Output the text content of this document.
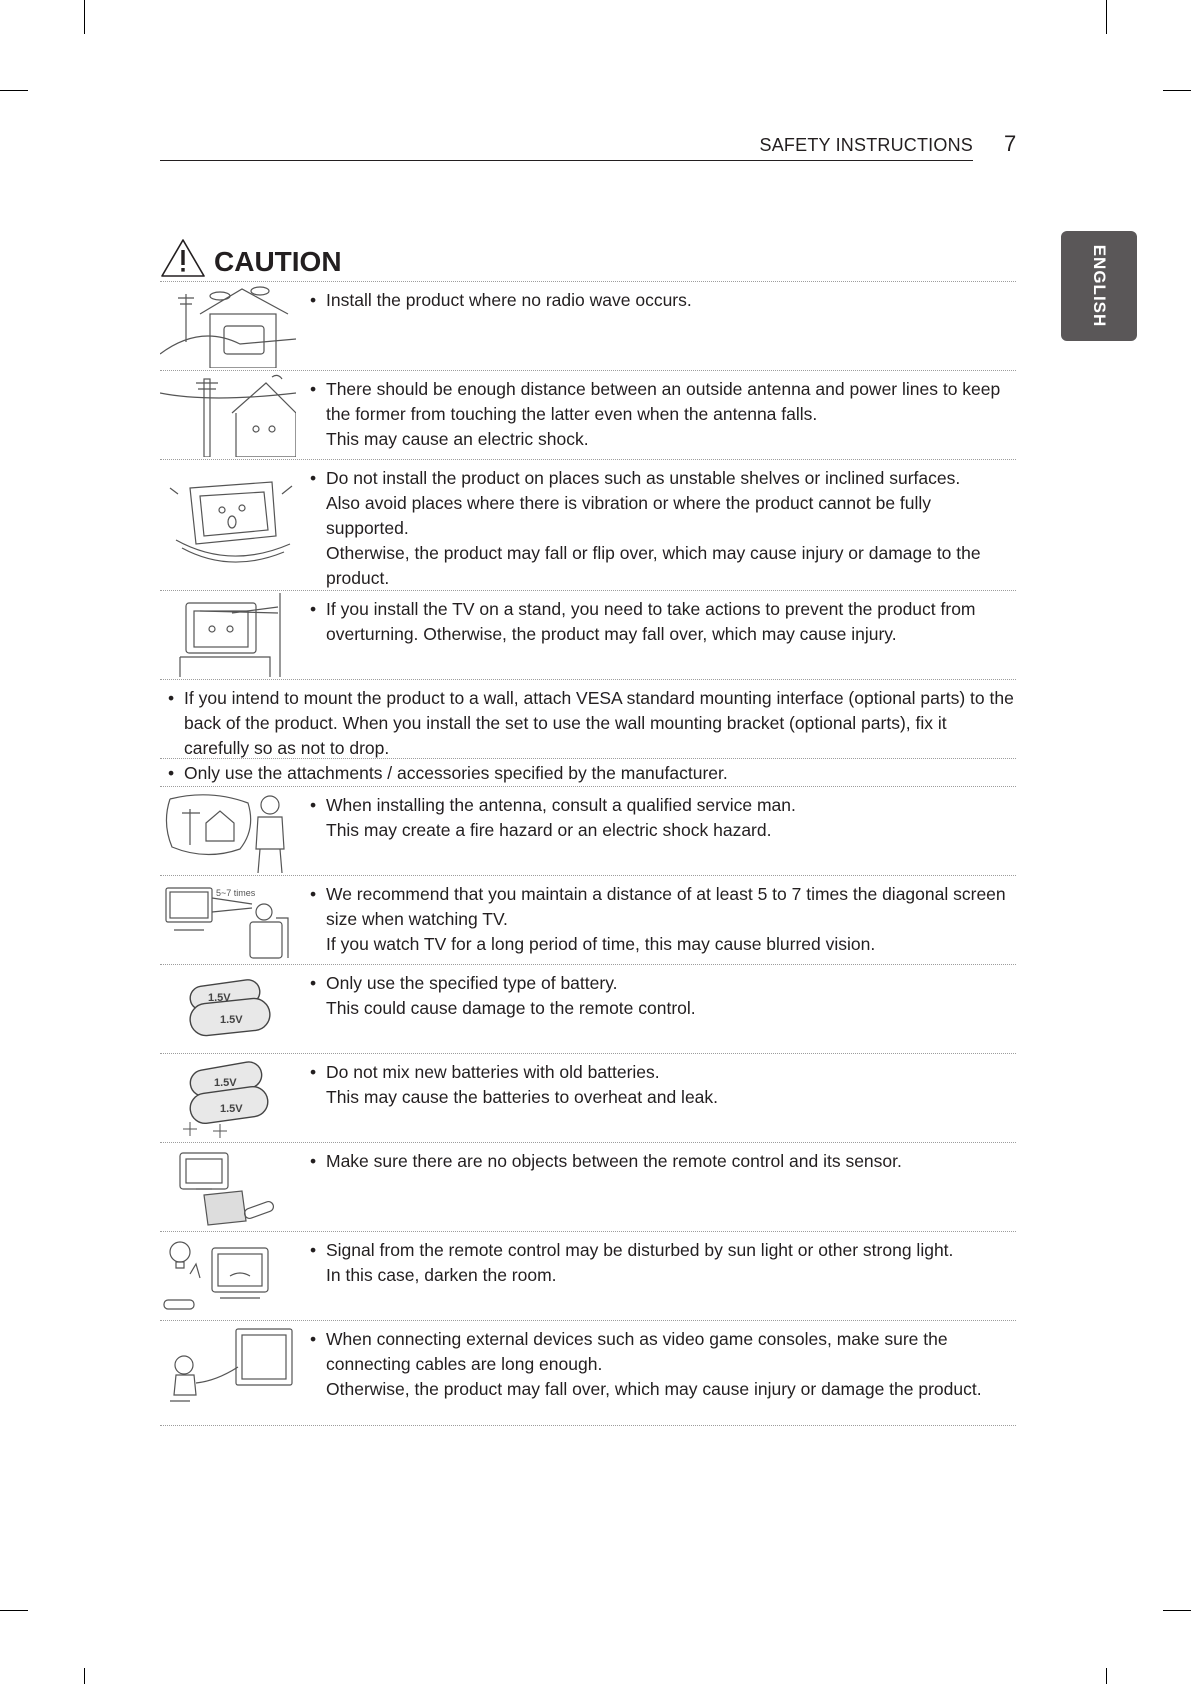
SAFETY INSTRUCTIONS 7
ENGLISH
CAUTION
• Install the product where no radio wave occurs.
• There should be enough distance between an outside antenna and power lines to keep the former from touching the latter even when the antenna falls.
This may cause an electric shock.
• Do not install the product on places such as unstable shelves or inclined surfaces.
Also avoid places where there is vibration or where the product cannot be fully supported.
Otherwise, the product may fall or flip over, which may cause injury or damage to the product.
• If you install the TV on a stand, you need to take actions to prevent the product from overturning. Otherwise, the product may fall over, which may cause injury.
• If you intend to mount the product to a wall, attach VESA standard mounting interface (optional parts) to the back of the product. When you install the set to use the wall mounting bracket (optional parts), fix it carefully so as not to drop.
• Only use the attachments / accessories specified by the manufacturer.
• When installing the antenna, consult a qualified service man.
This may create a fire hazard or an electric shock hazard.
5~7 times	• We recommend that you maintain a distance of at least 5 to 7 times the diagonal screen size when watching TV.
If you watch TV for a long period of time, this may cause blurred vision.
1.5V
1.5V
• Only use the specified type of battery.
This could cause damage to the remote control.
1.5V
1.5V
• Do not mix new batteries with old batteries.
This may cause the batteries to overheat and leak.
• Make sure there are no objects between the remote control and its sensor.
• Signal from the remote control may be disturbed by sun light or other strong light.
In this case, darken the room.
• When connecting external devices such as video game consoles, make sure the connecting cables are long enough.
Otherwise, the product may fall over, which may cause injury or damage the product.
